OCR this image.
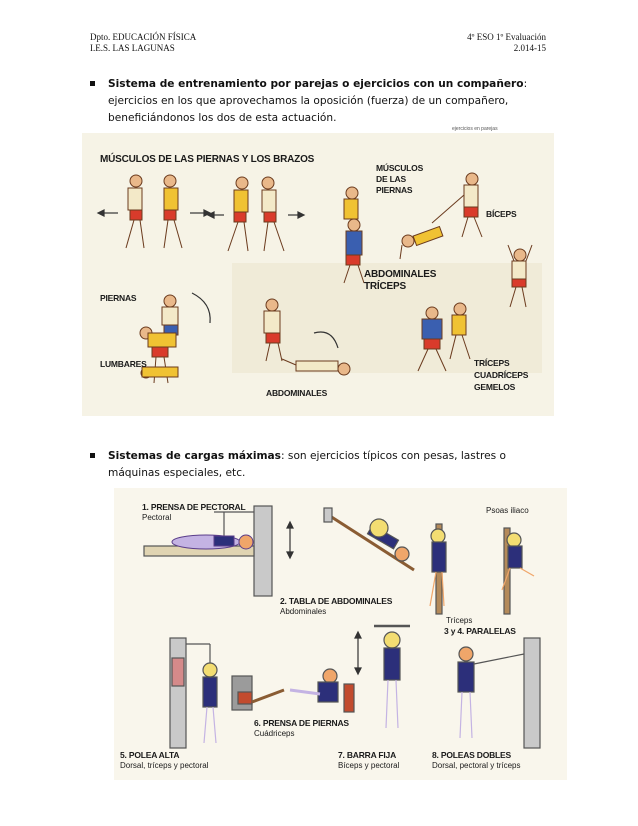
Dpto. EDUCACIÓN FÍSICA
I.E.S. LAS LAGUNAS
4º ESO 1º Evaluación
2.014-15
Sistema de entrenamiento por parejas o ejercicios con un compañero: ejercicios en los que aprovechamos la oposición (fuerza) de un compañero, beneficiándonos los dos de esta actuación.
ejercicios en parejas
MÚSCULOS DE LAS PIERNAS Y LOS BRAZOS
MÚSCULOS
DE LAS
PIERNAS
BÍCEPS
PIERNAS
ABDOMINALES
TRÍCEPS
LUMBARES
ABDOMINALES
TRÍCEPS
CUADRÍCEPS
GEMELOS
Sistemas de cargas máximas: son ejercicios típicos con pesas, lastres o máquinas especiales, etc.
1. PRENSA DE PECTORAL
Pectoral
Psoas iliaco
2. TABLA DE ABDOMINALES
Abdominales
Tríceps
3 y 4. PARALELAS
6. PRENSA DE PIERNAS
Cuádriceps
5. POLEA ALTA
Dorsal, tríceps y pectoral
7. BARRA FIJA
Bíceps y pectoral
8. POLEAS DOBLES
Dorsal, pectoral y tríceps
